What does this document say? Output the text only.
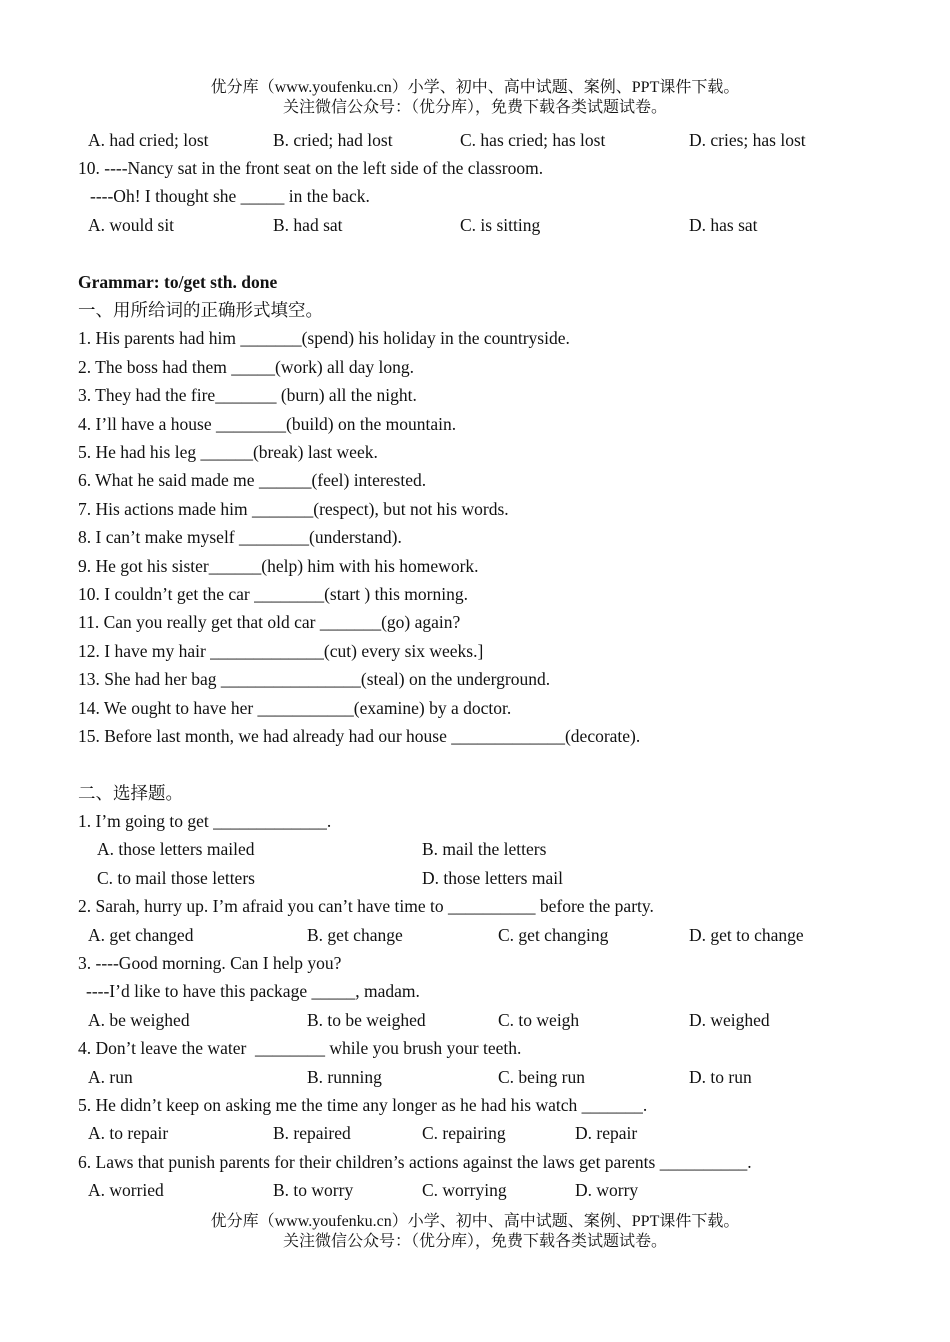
优分库（www.youfenku.cn）小学、初中、高中试题、案例、PPT课件下载。
关注微信公众号：（优分库），免费下载各类试题试卷。
A. had cried; lost	B. cried; had lost	C. has cried; has lost	D. cries; has lost
10. ----Nancy sat in the front seat on the left side of the classroom.
----Oh! I thought she _____ in the back.
A. would sit	B. had sat	C. is sitting	D. has sat
Grammar: to/get sth. done
一、用所给词的正确形式填空。
1. His parents had him _______(spend) his holiday in the countryside.
2. The boss had them _____(work) all day long.
3. They had the fire_______ (burn) all the night.
4. I’ll have a house ________(build) on the mountain.
5. He had his leg ______(break) last week.
6. What he said made me ______(feel) interested.
7. His actions made him _______(respect), but not his words.
8. I can’t make myself ________(understand).
9. He got his sister______(help) him with his homework.
10. I couldn’t get the car ________(start ) this morning.
11. Can you really get that old car _______(go) again?
12. I have my hair _____________(cut) every six weeks.]
13. She had her bag ________________(steal) on the underground.
14. We ought to have her ___________(examine) by a doctor.
15. Before last month, we had already had our house _____________(decorate).
二、选择题。
1. I’m going to get _____________.
A. those letters mailed	B. mail the letters
C. to mail those letters	D. those letters mail
2. Sarah, hurry up. I’m afraid you can’t have time to __________ before the party.
A. get changed	B. get change	C. get changing	D. get to change
3. ----Good morning. Can I help you?
----I’d like to have this package _____, madam.
A. be weighed	B. to be weighed	C. to weigh	D. weighed
4. Don’t leave the water  ________ while you brush your teeth.
A. run	B. running	C. being run	D. to run
5. He didn’t keep on asking me the time any longer as he had his watch _______.
A. to repair	B. repaired	C. repairing	D. repair
6. Laws that punish parents for their children’s actions against the laws get parents __________.
A. worried	B. to worry	C. worrying	D. worry
优分库（www.youfenku.cn）小学、初中、高中试题、案例、PPT课件下载。
关注微信公众号：（优分库），免费下载各类试题试卷。
